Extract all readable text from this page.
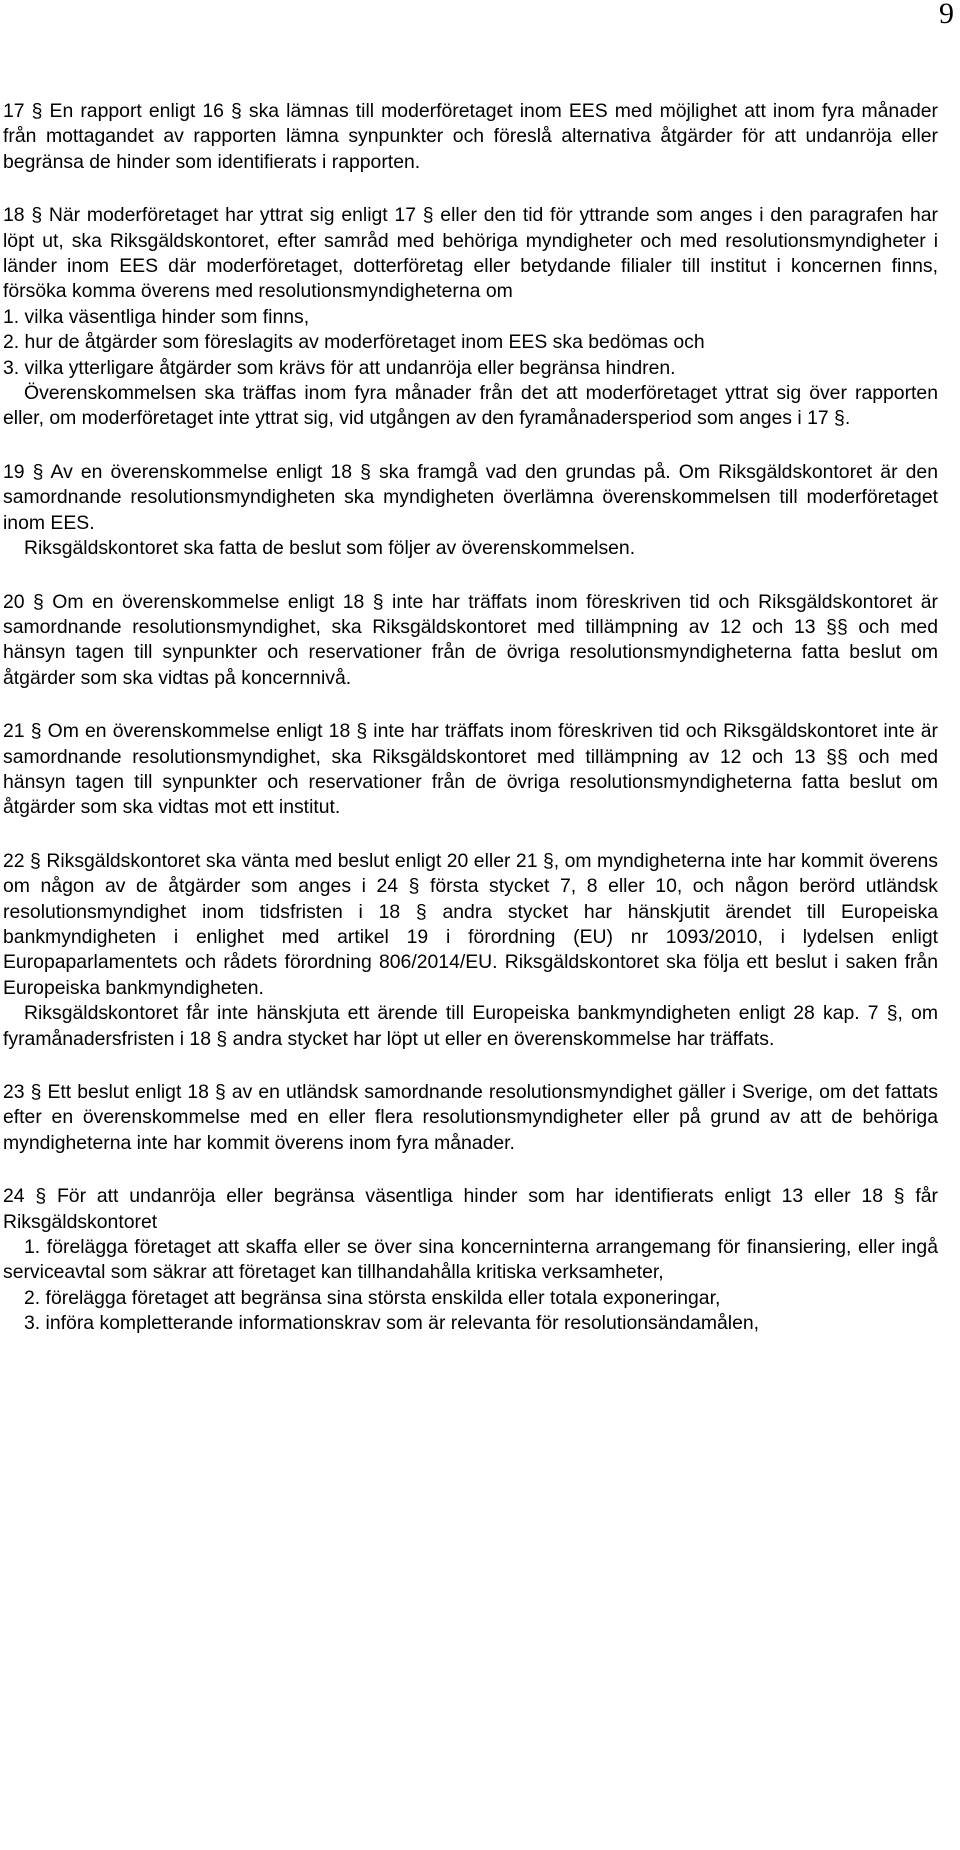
9

17 § En rapport enligt 16 § ska lämnas till moderföretaget inom EES med möjlighet att inom fyra månader från mottagandet av rapporten lämna synpunkter och föreslå alternativa åtgärder för att undanröja eller begränsa de hinder som identifierats i rapporten.

18 § När moderföretaget har yttrat sig enligt 17 § eller den tid för yttrande som anges i den paragrafen har löpt ut, ska Riksgäldskontoret, efter samråd med behöriga myndigheter och med resolutionsmyndigheter i länder inom EES där moderföretaget, dotterföretag eller betydande filialer till institut i koncernen finns, försöka komma överens med resolutionsmyndigheterna om

1. vilka väsentliga hinder som finns,

2. hur de åtgärder som föreslagits av moderföretaget inom EES ska bedömas och

3. vilka ytterligare åtgärder som krävs för att undanröja eller begränsa hindren.

Överenskommelsen ska träffas inom fyra månader från det att moderföretaget yttrat sig över rapporten eller, om moderföretaget inte yttrat sig, vid utgången av den fyramånadersperiod som anges i 17 §.

19 § Av en överenskommelse enligt 18 § ska framgå vad den grundas på. Om Riksgäldskontoret är den samordnande resolutionsmyndigheten ska myndigheten överlämna överenskommelsen till moderföretaget inom EES.

Riksgäldskontoret ska fatta de beslut som följer av överenskommelsen.

20 § Om en överenskommelse enligt 18 § inte har träffats inom föreskriven tid och Riksgäldskontoret är samordnande resolutionsmyndighet, ska Riksgäldskontoret med tillämpning av 12 och 13 §§ och med hänsyn tagen till synpunkter och reservationer från de övriga resolutionsmyndigheterna fatta beslut om åtgärder som ska vidtas på koncernnivå.

21 § Om en överenskommelse enligt 18 § inte har träffats inom föreskriven tid och Riksgäldskontoret inte är samordnande resolutionsmyndighet, ska Riksgäldskontoret med tillämpning av 12 och 13 §§ och med hänsyn tagen till synpunkter och reservationer från de övriga resolutionsmyndigheterna fatta beslut om åtgärder som ska vidtas mot ett institut.

22 § Riksgäldskontoret ska vänta med beslut enligt 20 eller 21 §, om myndigheterna inte har kommit överens om någon av de åtgärder som anges i 24 § första stycket 7, 8 eller 10, och någon berörd utländsk resolutionsmyndighet inom tidsfristen i 18 § andra stycket har hänskjutit ärendet till Europeiska bankmyndigheten i enlighet med artikel 19 i förordning (EU) nr 1093/2010, i lydelsen enligt Europaparlamentets och rådets förordning 806/2014/EU. Riksgäldskontoret ska följa ett beslut i saken från Europeiska bankmyndigheten.

Riksgäldskontoret får inte hänskjuta ett ärende till Europeiska bankmyndigheten enligt 28 kap. 7 §, om fyramånadersfristen i 18 § andra stycket har löpt ut eller en överenskommelse har träffats.

23 § Ett beslut enligt 18 § av en utländsk samordnande resolutionsmyndighet gäller i Sverige, om det fattats efter en överenskommelse med en eller flera resolutionsmyndigheter eller på grund av att de behöriga myndigheterna inte har kommit överens inom fyra månader.

24 § För att undanröja eller begränsa väsentliga hinder som har identifierats enligt 13 eller 18 § får Riksgäldskontoret

1. förelägga företaget att skaffa eller se över sina koncerninterna arrangemang för finansiering, eller ingå serviceavtal som säkrar att företaget kan tillhandahålla kritiska verksamheter,

2. förelägga företaget att begränsa sina största enskilda eller totala exponeringar,

3. införa kompletterande informationskrav som är relevanta för resolutionsändamålen,
